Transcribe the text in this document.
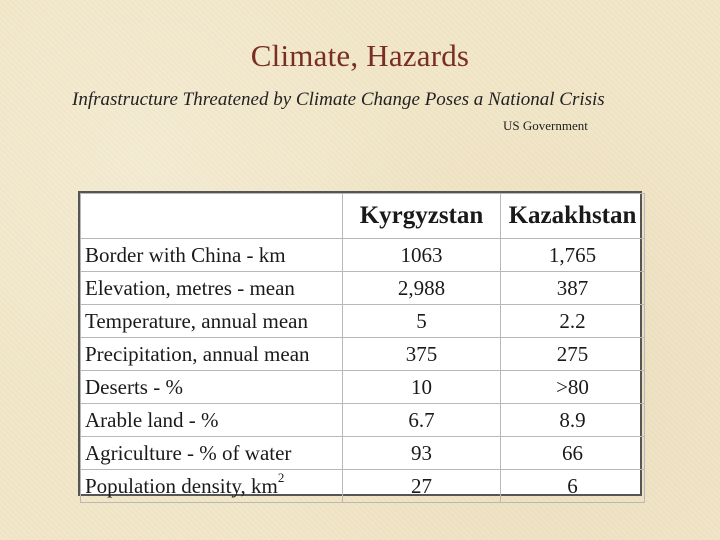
Climate, Hazards
Infrastructure Threatened by Climate Change Poses a National Crisis
US Government
	Kyrgyzstan	Kazakhstan
Border with China - km	1063	1,765
Elevation, metres - mean	2,988	387
Temperature, annual mean	5	2.2
Precipitation, annual mean	375	275
Deserts - %	10	>80
Arable land - %	6.7	8.9
Agriculture - % of water	93	66
Population density, $km^2$	27	6
